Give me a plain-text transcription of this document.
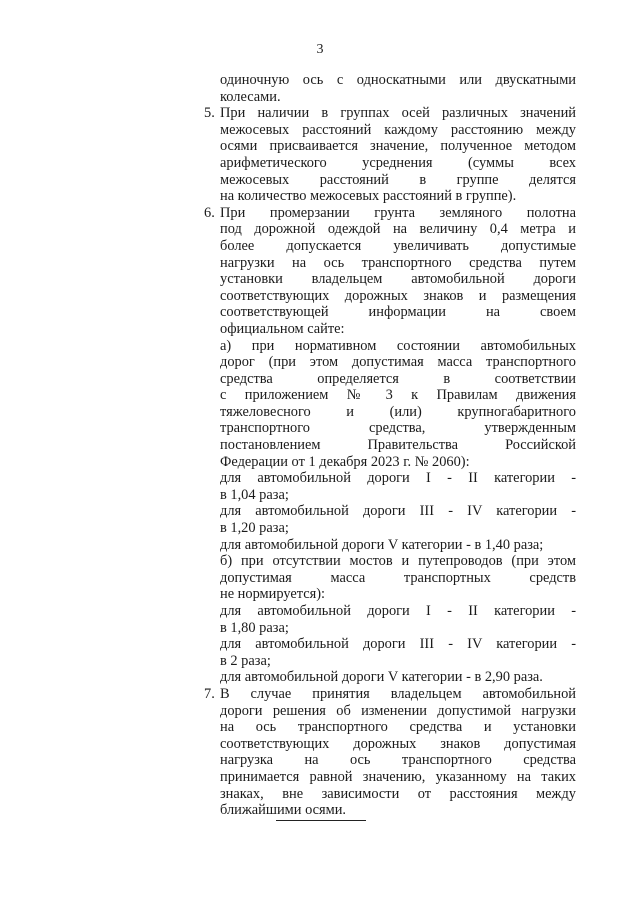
3
одиночную ось с односкатными или двускатными
колесами.
5. При наличии в группах осей различных значений
межосевых расстояний каждому расстоянию между
осями присваивается значение, полученное методом
арифметического усреднения (суммы всех
межосевых расстояний в группе делятся
на количество межосевых расстояний в группе).
6. При промерзании грунта земляного полотна
под дорожной одеждой на величину 0,4 метра и
более допускается увеличивать допустимые
нагрузки на ось транспортного средства путем
установки владельцем автомобильной дороги
соответствующих дорожных знаков и размещения
соответствующей информации на своем
официальном сайте:
а) при нормативном состоянии автомобильных
дорог (при этом допустимая масса транспортного
средства определяется в соответствии
с приложением № 3 к Правилам движения
тяжеловесного и (или) крупногабаритного
транспортного средства, утвержденным
постановлением Правительства Российской
Федерации от 1 декабря 2023 г. № 2060):
для автомобильной дороги I - II категории -
в 1,04 раза;
для автомобильной дороги III - IV категории -
в 1,20 раза;
для автомобильной дороги V категории - в 1,40 раза;
б) при отсутствии мостов и путепроводов (при этом
допустимая масса транспортных средств
не нормируется):
для автомобильной дороги I - II категории -
в 1,80 раза;
для автомобильной дороги III - IV категории -
в 2 раза;
для автомобильной дороги V категории - в 2,90 раза.
7. В случае принятия владельцем автомобильной
дороги решения об изменении допустимой нагрузки
на ось транспортного средства и установки
соответствующих дорожных знаков допустимая
нагрузка на ось транспортного средства
принимается равной значению, указанному на таких
знаках, вне зависимости от расстояния между
ближайшими осями.
